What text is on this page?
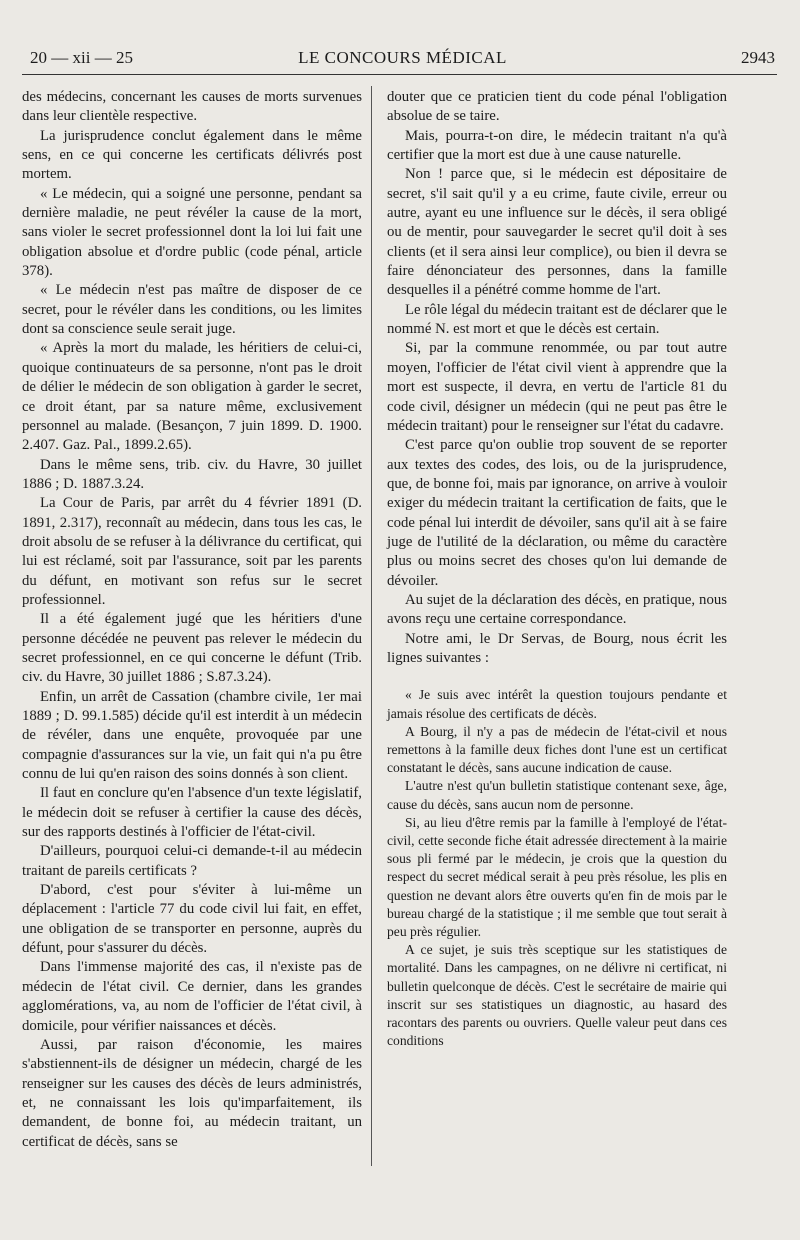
20 — xii — 25	LE CONCOURS MÉDICAL	2943

des médecins, concernant les causes de morts survenues dans leur clientèle respective.

La jurisprudence conclut également dans le même sens, en ce qui concerne les certificats délivrés post mortem.

« Le médecin, qui a soigné une personne, pendant sa dernière maladie, ne peut révéler la cause de la mort, sans violer le secret professionnel dont la loi lui fait une obligation absolue et d'ordre public (code pénal, article 378).

« Le médecin n'est pas maître de disposer de ce secret, pour le révéler dans les conditions, ou les limites dont sa conscience seule serait juge.

« Après la mort du malade, les héritiers de celui-ci, quoique continuateurs de sa personne, n'ont pas le droit de délier le médecin de son obligation à garder le secret, ce droit étant, par sa nature même, exclusivement personnel au malade. (Besançon, 7 juin 1899. D. 1900. 2.407. Gaz. Pal., 1899.2.65).

Dans le même sens, trib. civ. du Havre, 30 juillet 1886 ; D. 1887.3.24.

La Cour de Paris, par arrêt du 4 février 1891 (D. 1891, 2.317), reconnaît au médecin, dans tous les cas, le droit absolu de se refuser à la délivrance du certificat, qui lui est réclamé, soit par l'assurance, soit par les parents du défunt, en motivant son refus sur le secret professionnel.

Il a été également jugé que les héritiers d'une personne décédée ne peuvent pas relever le médecin du secret professionnel, en ce qui concerne le défunt (Trib. civ. du Havre, 30 juillet 1886 ; S.87.3.24).

Enfin, un arrêt de Cassation (chambre civile, 1er mai 1889 ; D. 99.1.585) décide qu'il est interdit à un médecin de révéler, dans une enquête, provoquée par une compagnie d'assurances sur la vie, un fait qui n'a pu être connu de lui qu'en raison des soins donnés à son client.

Il faut en conclure qu'en l'absence d'un texte législatif, le médecin doit se refuser à certifier la cause des décès, sur des rapports destinés à l'officier de l'état-civil.

D'ailleurs, pourquoi celui-ci demande-t-il au médecin traitant de pareils certificats ?

D'abord, c'est pour s'éviter à lui-même un déplacement : l'article 77 du code civil lui fait, en effet, une obligation de se transporter en personne, auprès du défunt, pour s'assurer du décès.

Dans l'immense majorité des cas, il n'existe pas de médecin de l'état civil. Ce dernier, dans les grandes agglomérations, va, au nom de l'officier de l'état civil, à domicile, pour vérifier naissances et décès.

Aussi, par raison d'économie, les maires s'abstiennent-ils de désigner un médecin, chargé de les renseigner sur les causes des décès de leurs administrés, et, ne connaissant les lois qu'imparfaitement, ils demandent, de bonne foi, au médecin traitant, un certificat de décès, sans se

douter que ce praticien tient du code pénal l'obligation absolue de se taire.

Mais, pourra-t-on dire, le médecin traitant n'a qu'à certifier que la mort est due à une cause naturelle.

Non ! parce que, si le médecin est dépositaire de secret, s'il sait qu'il y a eu crime, faute civile, erreur ou autre, ayant eu une influence sur le décès, il sera obligé ou de mentir, pour sauvegarder le secret qu'il doit à ses clients (et il sera ainsi leur complice), ou bien il devra se faire dénonciateur des personnes, dans la famille desquelles il a pénétré comme homme de l'art.

Le rôle légal du médecin traitant est de déclarer que le nommé N. est mort et que le décès est certain.

Si, par la commune renommée, ou par tout autre moyen, l'officier de l'état civil vient à apprendre que la mort est suspecte, il devra, en vertu de l'article 81 du code civil, désigner un médecin (qui ne peut pas être le médecin traitant) pour le renseigner sur l'état du cadavre.

C'est parce qu'on oublie trop souvent de se reporter aux textes des codes, des lois, ou de la jurisprudence, que, de bonne foi, mais par ignorance, on arrive à vouloir exiger du médecin traitant la certification de faits, que le code pénal lui interdit de dévoiler, sans qu'il ait à se faire juge de l'utilité de la déclaration, ou même du caractère plus ou moins secret des choses qu'on lui demande de dévoiler.

Au sujet de la déclaration des décès, en pratique, nous avons reçu une certaine correspondance.

Notre ami, le Dr Servas, de Bourg, nous écrit les lignes suivantes :

« Je suis avec intérêt la question toujours pendante et jamais résolue des certificats de décès.

A Bourg, il n'y a pas de médecin de l'état-civil et nous remettons à la famille deux fiches dont l'une est un certificat constatant le décès, sans aucune indication de cause.

L'autre n'est qu'un bulletin statistique contenant sexe, âge, cause du décès, sans aucun nom de personne.

Si, au lieu d'être remis par la famille à l'employé de l'état-civil, cette seconde fiche était adressée directement à la mairie sous pli fermé par le médecin, je crois que la question du respect du secret médical serait à peu près résolue, les plis en question ne devant alors être ouverts qu'en fin de mois par le bureau chargé de la statistique ; il me semble que tout serait à peu près régulier.

A ce sujet, je suis très sceptique sur les statistiques de mortalité. Dans les campagnes, on ne délivre ni certificat, ni bulletin quelconque de décès. C'est le secrétaire de mairie qui inscrit sur ses statistiques un diagnostic, au hasard des racontars des parents ou ouvriers. Quelle valeur peut dans ces conditions
